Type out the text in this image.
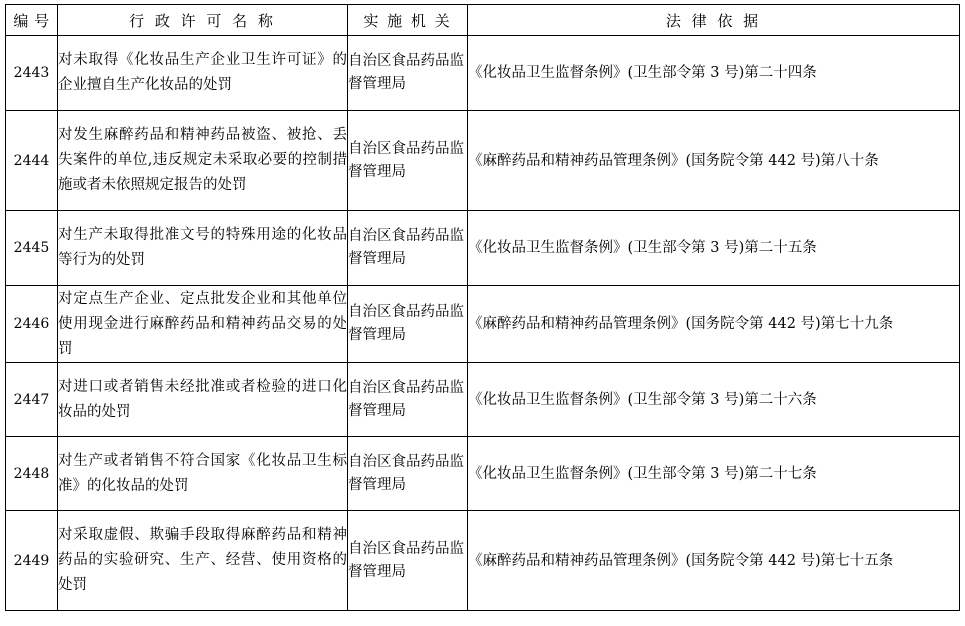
编 号	行 政 许 可 名 称	实 施 机 关	法 律 依 据
2443	对未取得《化妆品生产企业卫生许可证》的企业擅自生产化妆品的处罚	自治区食品药品监督管理局	《化妆品卫生监督条例》(卫生部令第 3 号)第二十四条
2444	对发生麻醉药品和精神药品被盗、被抢、丢失案件的单位,违反规定未采取必要的控制措施或者未依照规定报告的处罚	自治区食品药品监督管理局	《麻醉药品和精神药品管理条例》(国务院令第 442 号)第八十条
2445	对生产未取得批准文号的特殊用途的化妆品等行为的处罚	自治区食品药品监督管理局	《化妆品卫生监督条例》(卫生部令第 3 号)第二十五条
2446	对定点生产企业、定点批发企业和其他单位使用现金进行麻醉药品和精神药品交易的处罚	自治区食品药品监督管理局	《麻醉药品和精神药品管理条例》(国务院令第 442 号)第七十九条
2447	对进口或者销售未经批准或者检验的进口化妆品的处罚	自治区食品药品监督管理局	《化妆品卫生监督条例》(卫生部令第 3 号)第二十六条
2448	对生产或者销售不符合国家《化妆品卫生标准》的化妆品的处罚	自治区食品药品监督管理局	《化妆品卫生监督条例》(卫生部令第 3 号)第二十七条
2449	对采取虚假、欺骗手段取得麻醉药品和精神药品的实验研究、生产、经营、使用资格的处罚	自治区食品药品监督管理局	《麻醉药品和精神药品管理条例》(国务院令第 442 号)第七十五条
